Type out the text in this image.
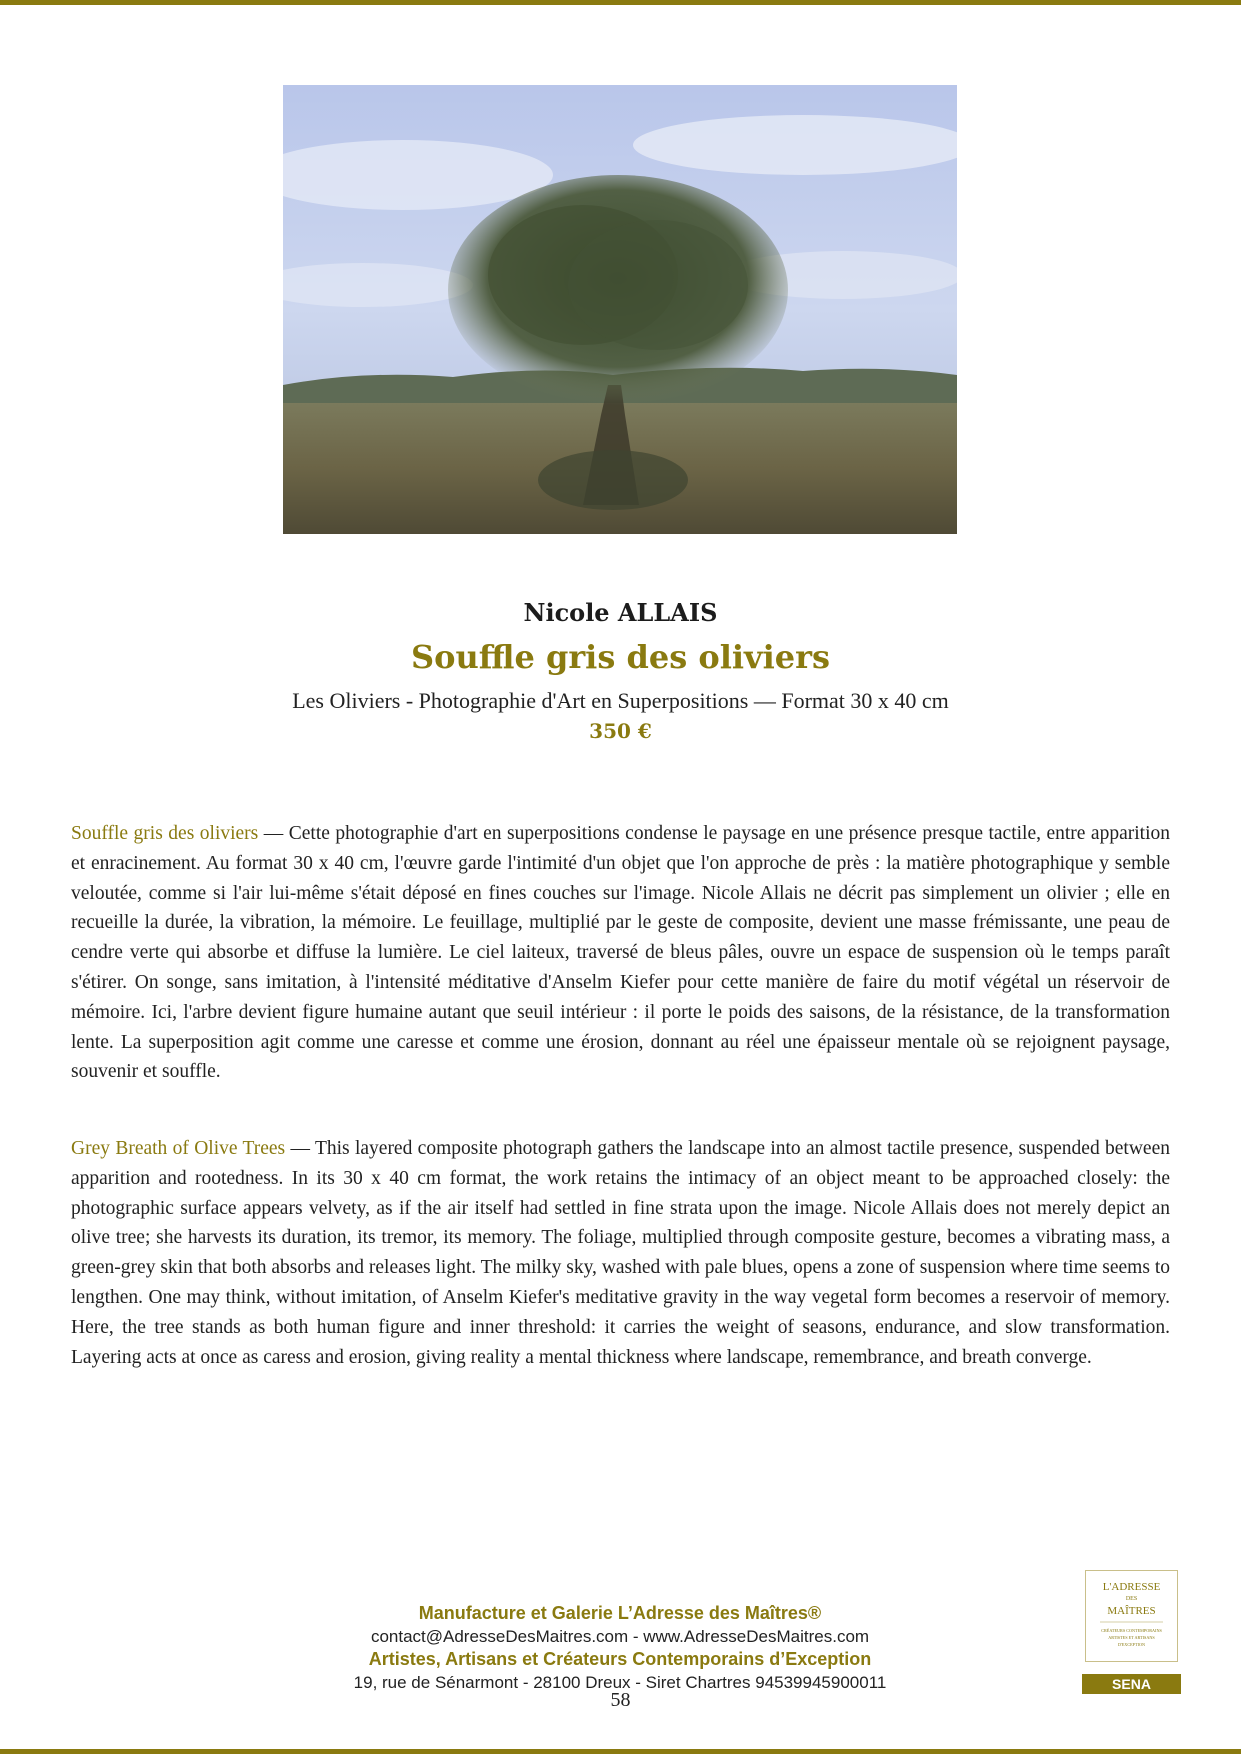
Nicole ALLAIS
Souffle gris des oliviers
Les Oliviers - Photographie d'Art en Superpositions — Format 30 x 40 cm
350 €

Souffle gris des oliviers — Cette photographie d'art en superpositions condense le paysage en une présence presque tactile, entre apparition et enracinement. Au format 30 x 40 cm, l'œuvre garde l'intimité d'un objet que l'on approche de près : la matière photographique y semble veloutée, comme si l'air lui-même s'était déposé en fines couches sur l'image. Nicole Allais ne décrit pas simplement un olivier ; elle en recueille la durée, la vibration, la mémoire. Le feuillage, multiplié par le geste de composite, devient une masse frémissante, une peau de cendre verte qui absorbe et diffuse la lumière. Le ciel laiteux, traversé de bleus pâles, ouvre un espace de suspension où le temps paraît s'étirer. On songe, sans imitation, à l'intensité méditative d'Anselm Kiefer pour cette manière de faire du motif végétal un réservoir de mémoire. Ici, l'arbre devient figure humaine autant que seuil intérieur : il porte le poids des saisons, de la résistance, de la transformation lente. La superposition agit comme une caresse et comme une érosion, donnant au réel une épaisseur mentale où se rejoignent paysage, souvenir et souffle.

Grey Breath of Olive Trees — This layered composite photograph gathers the landscape into an almost tactile presence, suspended between apparition and rootedness. In its 30 x 40 cm format, the work retains the intimacy of an object meant to be approached closely: the photographic surface appears velvety, as if the air itself had settled in fine strata upon the image. Nicole Allais does not merely depict an olive tree; she harvests its duration, its tremor, its memory. The foliage, multiplied through composite gesture, becomes a vibrating mass, a green-grey skin that both absorbs and releases light. The milky sky, washed with pale blues, opens a zone of suspension where time seems to lengthen. One may think, without imitation, of Anselm Kiefer's meditative gravity in the way vegetal form becomes a reservoir of memory. Here, the tree stands as both human figure and inner threshold: it carries the weight of seasons, endurance, and slow transformation. Layering acts at once as caress and erosion, giving reality a mental thickness where landscape, remembrance, and breath converge.

Manufacture et Galerie L’Adresse des Maîtres®
contact@AdresseDesMaitres.com - www.AdresseDesMaitres.com
Artistes, Artisans et Créateurs Contemporains d’Exception
19, rue de Sénarmont - 28100 Dreux - Siret Chartres 94539945900011
58
L'ADRESSE
DES
MAÎTRES
CRÉATEURS CONTEMPORAINS
ARTISTES ET ARTISANS
D'EXCEPTION
SENA
